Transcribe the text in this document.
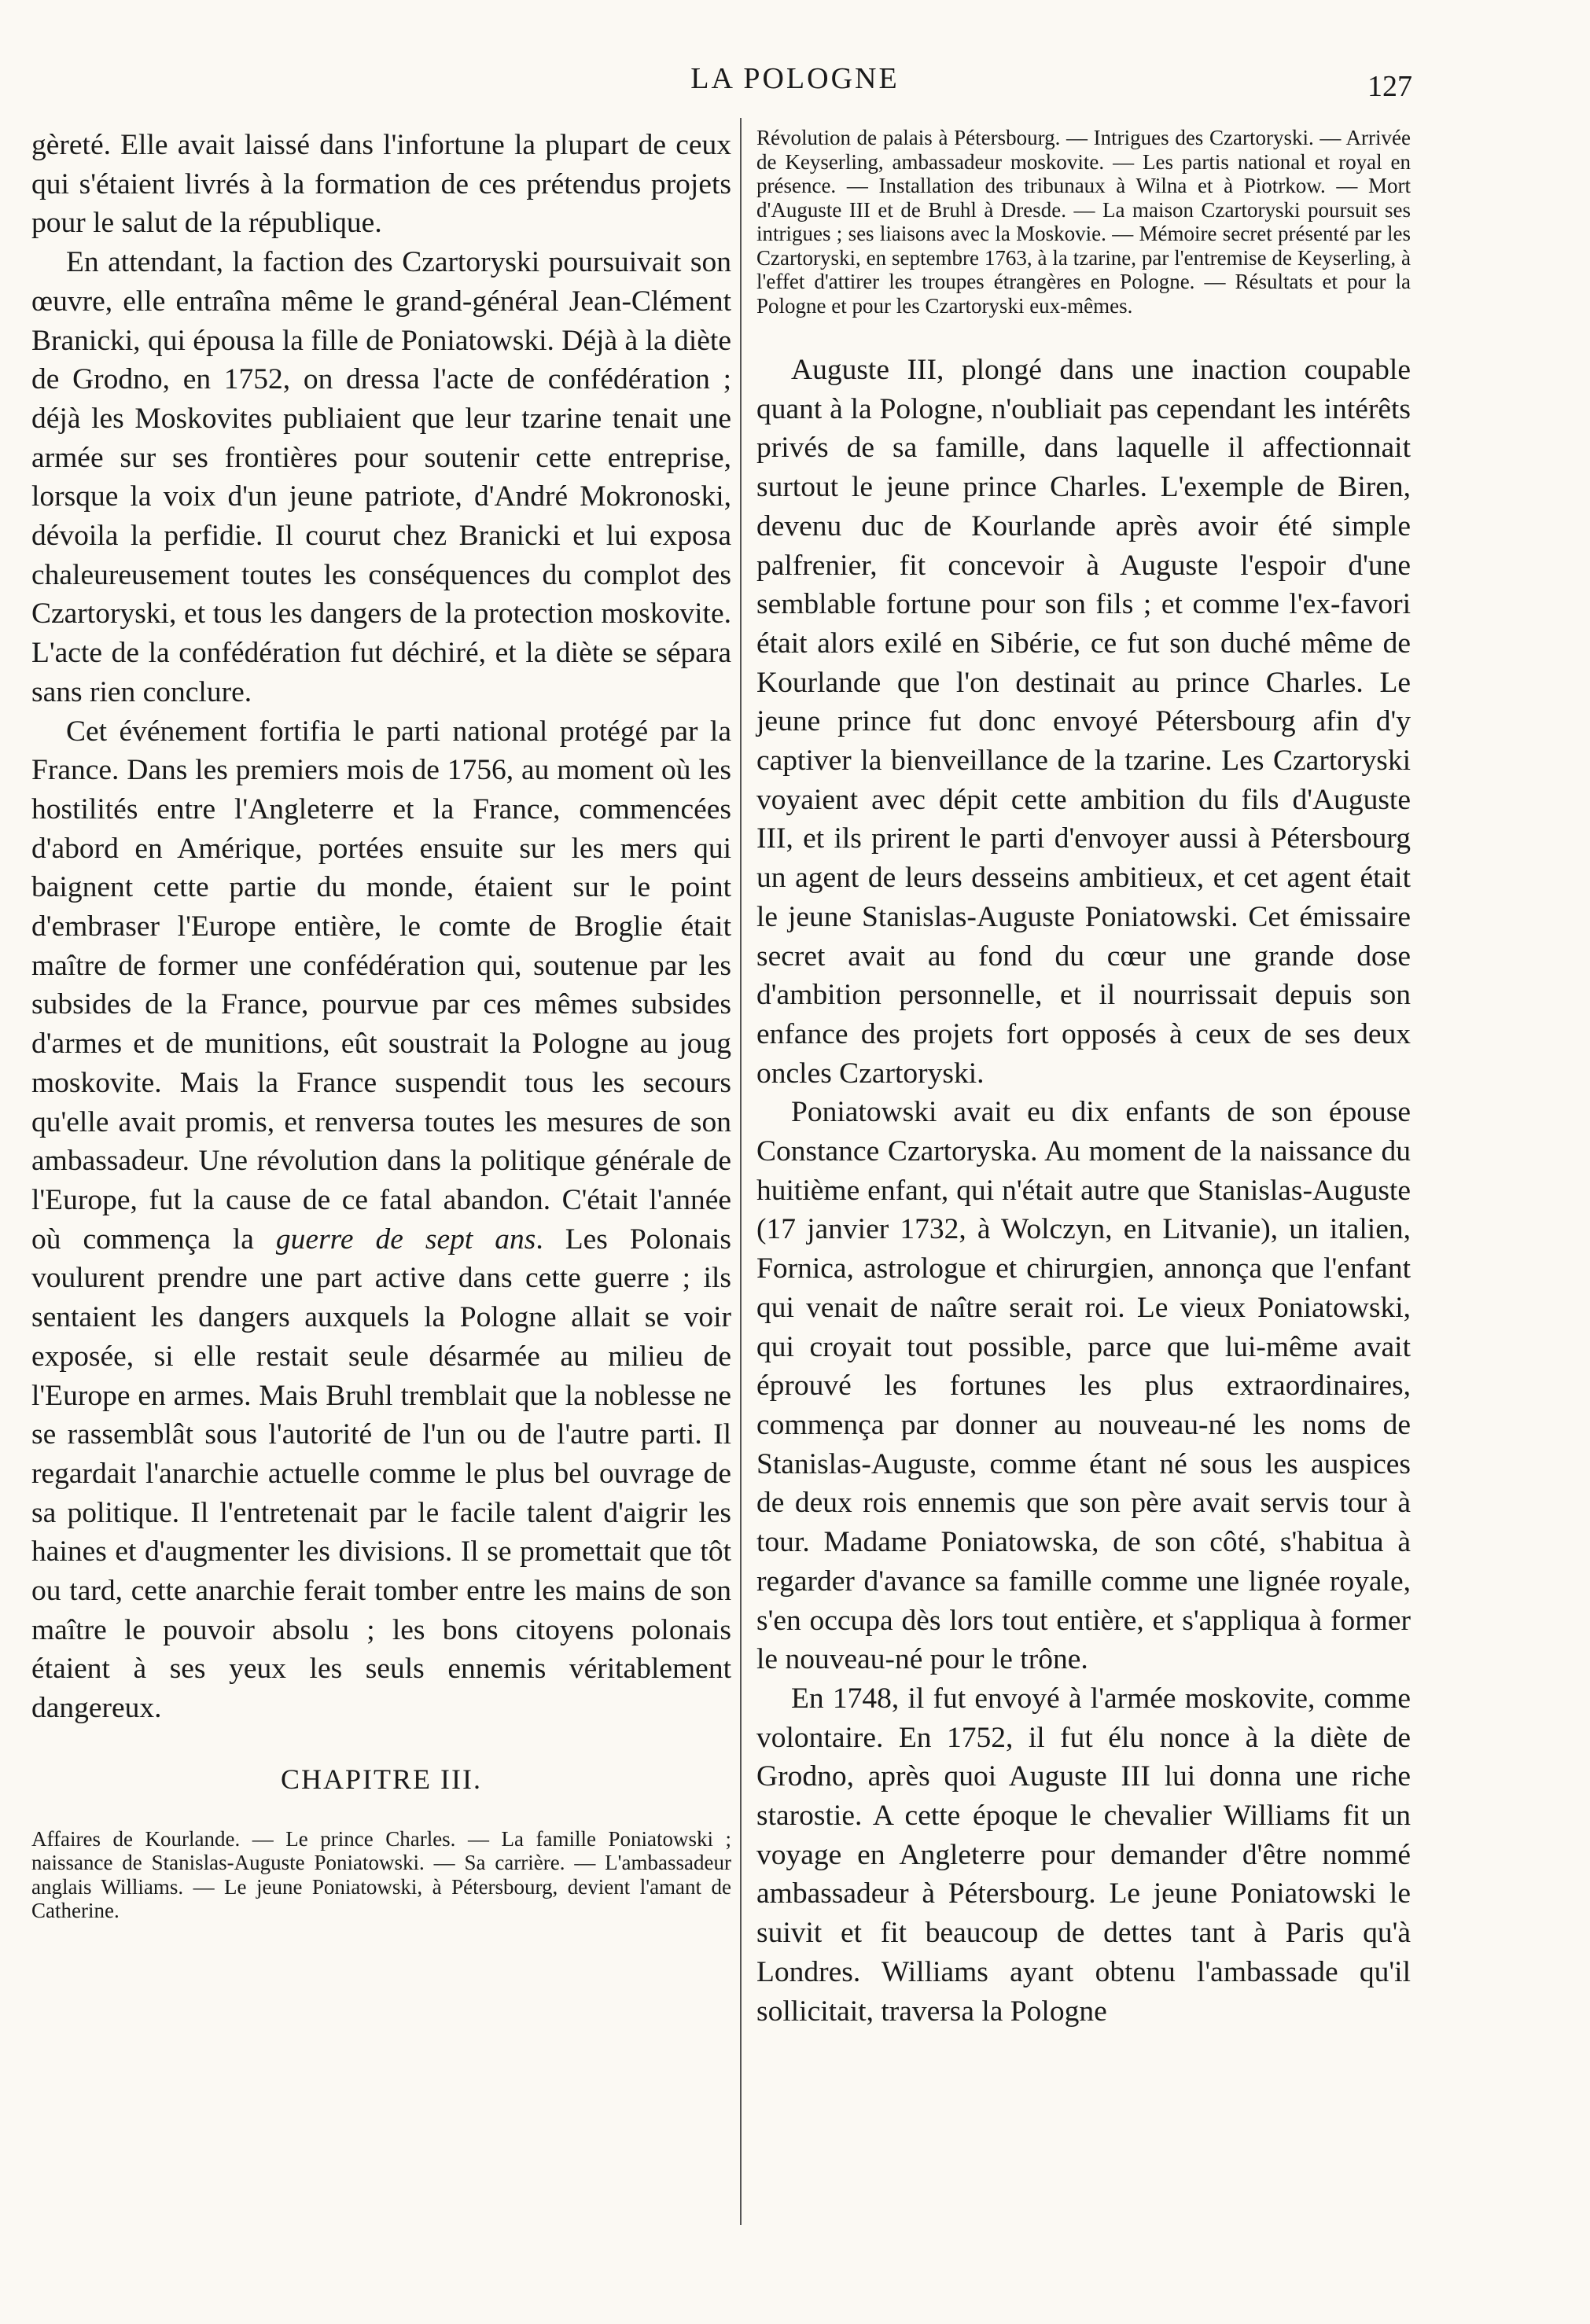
LA POLOGNE	127

gèreté. Elle avait laissé dans l'infortune la plupart de ceux qui s'étaient livrés à la formation de ces prétendus projets pour le salut de la république.

En attendant, la faction des Czartoryski poursuivait son œuvre, elle entraîna même le grand-général Jean-Clément Branicki, qui épousa la fille de Poniatowski. Déjà à la diète de Grodno, en 1752, on dressa l'acte de confédération ; déjà les Moskovites publiaient que leur tzarine tenait une armée sur ses frontières pour soutenir cette entreprise, lorsque la voix d'un jeune patriote, d'André Mokronoski, dévoila la perfidie. Il courut chez Branicki et lui exposa chaleureusement toutes les conséquences du complot des Czartoryski, et tous les dangers de la protection moskovite. L'acte de la confédération fut déchiré, et la diète se sépara sans rien conclure.

Cet événement fortifia le parti national protégé par la France. Dans les premiers mois de 1756, au moment où les hostilités entre l'Angleterre et la France, commencées d'abord en Amérique, portées ensuite sur les mers qui baignent cette partie du monde, étaient sur le point d'embraser l'Europe entière, le comte de Broglie était maître de former une confédération qui, soutenue par les subsides de la France, pourvue par ces mêmes subsides d'armes et de munitions, eût soustrait la Pologne au joug moskovite. Mais la France suspendit tous les secours qu'elle avait promis, et renversa toutes les mesures de son ambassadeur. Une révolution dans la politique générale de l'Europe, fut la cause de ce fatal abandon. C'était l'année où commença la guerre de sept ans. Les Polonais voulurent prendre une part active dans cette guerre ; ils sentaient les dangers auxquels la Pologne allait se voir exposée, si elle restait seule désarmée au milieu de l'Europe en armes. Mais Bruhl tremblait que la noblesse ne se rassemblât sous l'autorité de l'un ou de l'autre parti. Il regardait l'anarchie actuelle comme le plus bel ouvrage de sa politique. Il l'entretenait par le facile talent d'aigrir les haines et d'augmenter les divisions. Il se promettait que tôt ou tard, cette anarchie ferait tomber entre les mains de son maître le pouvoir absolu ; les bons citoyens polonais étaient à ses yeux les seuls ennemis véritablement dangereux.

CHAPITRE III.

Affaires de Kourlande. — Le prince Charles. — La famille Poniatowski ; naissance de Stanislas-Auguste Poniatowski. — Sa carrière. — L'ambassadeur anglais Williams. — Le jeune Poniatowski, à Pétersbourg, devient l'amant de Catherine.

Révolution de palais à Pétersbourg. — Intrigues des Czartoryski. — Arrivée de Keyserling, ambassadeur moskovite. — Les partis national et royal en présence. — Installation des tribunaux à Wilna et à Piotrkow. — Mort d'Auguste III et de Bruhl à Dresde. — La maison Czartoryski poursuit ses intrigues ; ses liaisons avec la Moskovie. — Mémoire secret présenté par les Czartoryski, en septembre 1763, à la tzarine, par l'entremise de Keyserling, à l'effet d'attirer les troupes étrangères en Pologne. — Résultats et pour la Pologne et pour les Czartoryski eux-mêmes.

Auguste III, plongé dans une inaction coupable quant à la Pologne, n'oubliait pas cependant les intérêts privés de sa famille, dans laquelle il affectionnait surtout le jeune prince Charles. L'exemple de Biren, devenu duc de Kourlande après avoir été simple palfrenier, fit concevoir à Auguste l'espoir d'une semblable fortune pour son fils ; et comme l'ex-favori était alors exilé en Sibérie, ce fut son duché même de Kourlande que l'on destinait au prince Charles. Le jeune prince fut donc envoyé Pétersbourg afin d'y captiver la bienveillance de la tzarine. Les Czartoryski voyaient avec dépit cette ambition du fils d'Auguste III, et ils prirent le parti d'envoyer aussi à Pétersbourg un agent de leurs desseins ambitieux, et cet agent était le jeune Stanislas-Auguste Poniatowski. Cet émissaire secret avait au fond du cœur une grande dose d'ambition personnelle, et il nourrissait depuis son enfance des projets fort opposés à ceux de ses deux oncles Czartoryski.

Poniatowski avait eu dix enfants de son épouse Constance Czartoryska. Au moment de la naissance du huitième enfant, qui n'était autre que Stanislas-Auguste (17 janvier 1732, à Wolczyn, en Litvanie), un italien, Fornica, astrologue et chirurgien, annonça que l'enfant qui venait de naître serait roi. Le vieux Poniatowski, qui croyait tout possible, parce que lui-même avait éprouvé les fortunes les plus extraordinaires, commença par donner au nouveau-né les noms de Stanislas-Auguste, comme étant né sous les auspices de deux rois ennemis que son père avait servis tour à tour. Madame Poniatowska, de son côté, s'habitua à regarder d'avance sa famille comme une lignée royale, s'en occupa dès lors tout entière, et s'appliqua à former le nouveau-né pour le trône.

En 1748, il fut envoyé à l'armée moskovite, comme volontaire. En 1752, il fut élu nonce à la diète de Grodno, après quoi Auguste III lui donna une riche starostie. A cette époque le chevalier Williams fit un voyage en Angleterre pour demander d'être nommé ambassadeur à Pétersbourg. Le jeune Poniatowski le suivit et fit beaucoup de dettes tant à Paris qu'à Londres. Williams ayant obtenu l'ambassade qu'il sollicitait, traversa la Pologne
